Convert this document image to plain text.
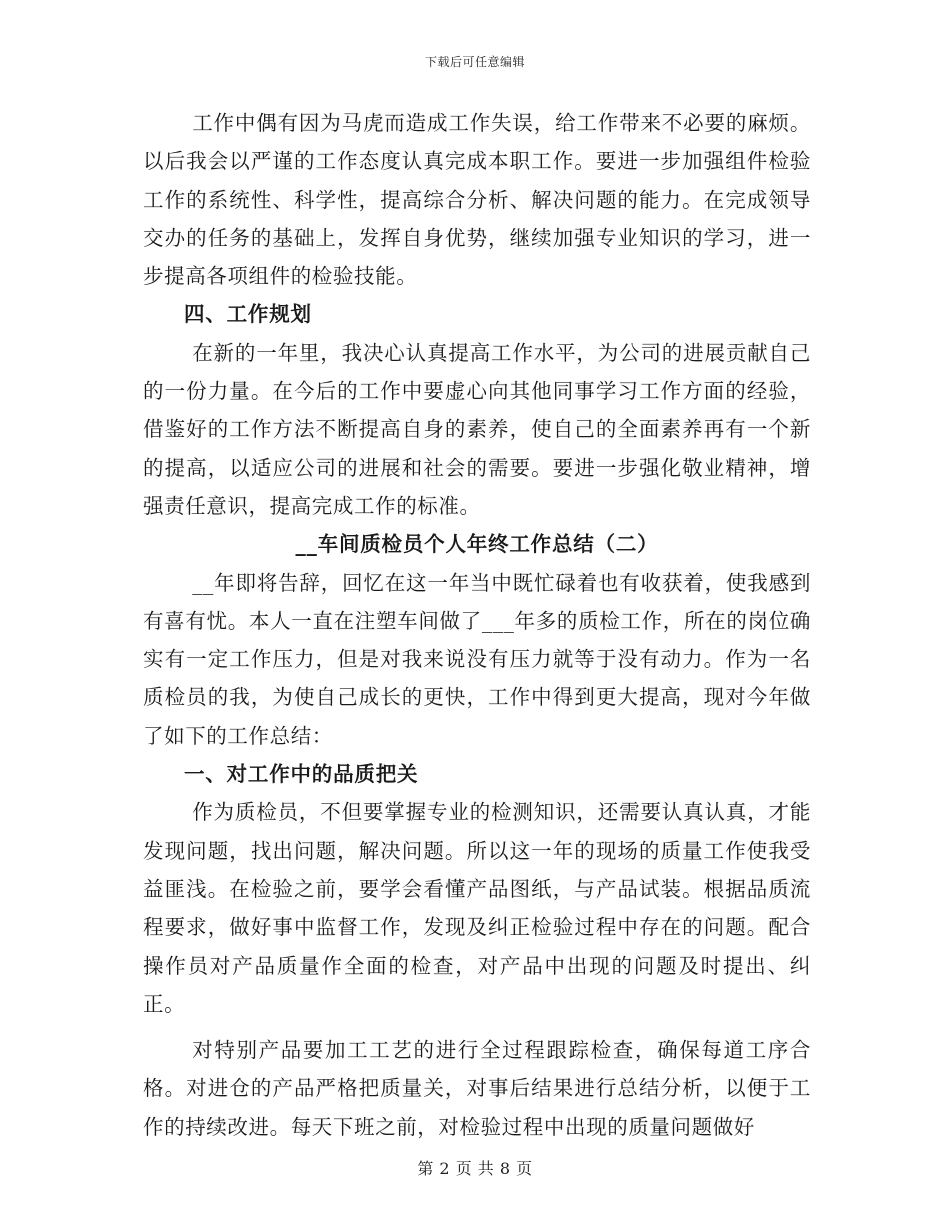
下载后可任意编辑

工作中偶有因为马虎而造成工作失误，给工作带来不必要的麻烦。以后我会以严谨的工作态度认真完成本职工作。要进一步加强组件检验工作的系统性、科学性，提高综合分析、解决问题的能力。在完成领导交办的任务的基础上，发挥自身优势，继续加强专业知识的学习，进一步提高各项组件的检验技能。

四、工作规划

在新的一年里，我决心认真提高工作水平，为公司的进展贡献自己的一份力量。在今后的工作中要虚心向其他同事学习工作方面的经验，借鉴好的工作方法不断提高自身的素养，使自己的全面素养再有一个新的提高，以适应公司的进展和社会的需要。要进一步强化敬业精神，增强责任意识，提高完成工作的标准。

__车间质检员个人年终工作总结（二）

__年即将告辞，回忆在这一年当中既忙碌着也有收获着，使我感到有喜有忧。本人一直在注塑车间做了___年多的质检工作，所在的岗位确实有一定工作压力，但是对我来说没有压力就等于没有动力。作为一名质检员的我，为使自己成长的更快，工作中得到更大提高，现对今年做了如下的工作总结：

一、对工作中的品质把关

作为质检员，不但要掌握专业的检测知识，还需要认真认真，才能发现问题，找出问题，解决问题。所以这一年的现场的质量工作使我受益匪浅。在检验之前，要学会看懂产品图纸，与产品试装。根据品质流程要求，做好事中监督工作，发现及纠正检验过程中存在的问题。配合操作员对产品质量作全面的检查，对产品中出现的问题及时提出、纠正。

对特别产品要加工工艺的进行全过程跟踪检查，确保每道工序合格。对进仓的产品严格把质量关，对事后结果进行总结分析，以便于工作的持续改进。每天下班之前，对检验过程中出现的质量问题做好

第 2 页 共 8 页
